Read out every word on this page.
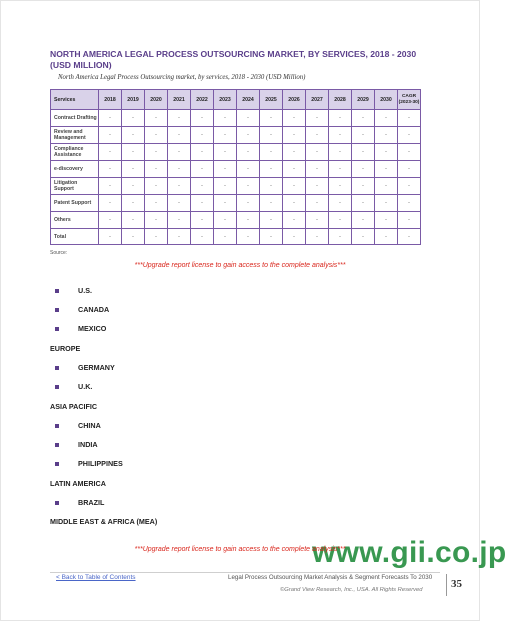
NORTH AMERICA LEGAL PROCESS OUTSOURCING MARKET, BY SERVICES, 2018 - 2030 (USD MILLION)
North America Legal Process Outsourcing market, by services, 2018 - 2030 (USD Million)
Services	2018	2019	2020	2021	2022	2023	2024	2025	2026	2027	2028	2029	2030	CAGR (2023-30)
Contract Drafting	-	-	-	-	-	-	-	-	-	-	-	-	-	-
Review and Management	-	-	-	-	-	-	-	-	-	-	-	-	-	-
Compliance Assistance	-	-	-	-	-	-	-	-	-	-	-	-	-	-
e-discovery	-	-	-	-	-	-	-	-	-	-	-	-	-	-
Litigation Support	-	-	-	-	-	-	-	-	-	-	-	-	-	-
Patent Support	-	-	-	-	-	-	-	-	-	-	-	-	-	-
Others	-	-	-	-	-	-	-	-	-	-	-	-	-	-
Total	-	-	-	-	-	-	-	-	-	-	-	-	-	-
Source:
***Upgrade report license to gain access to the complete analysis***
U.S.
CANADA
MEXICO
EUROPE
GERMANY
U.K.
ASIA PACIFIC
CHINA
INDIA
PHILIPPINES
LATIN AMERICA
BRAZIL
MIDDLE EAST & AFRICA (MEA)
www.gii.co.jp
***Upgrade report license to gain access to the complete analysis***
< Back to Table of Contents	Legal Process Outsourcing Market Analysis & Segment Forecasts To 2030
©Grand View Research, Inc., USA. All Rights Reserved	35
